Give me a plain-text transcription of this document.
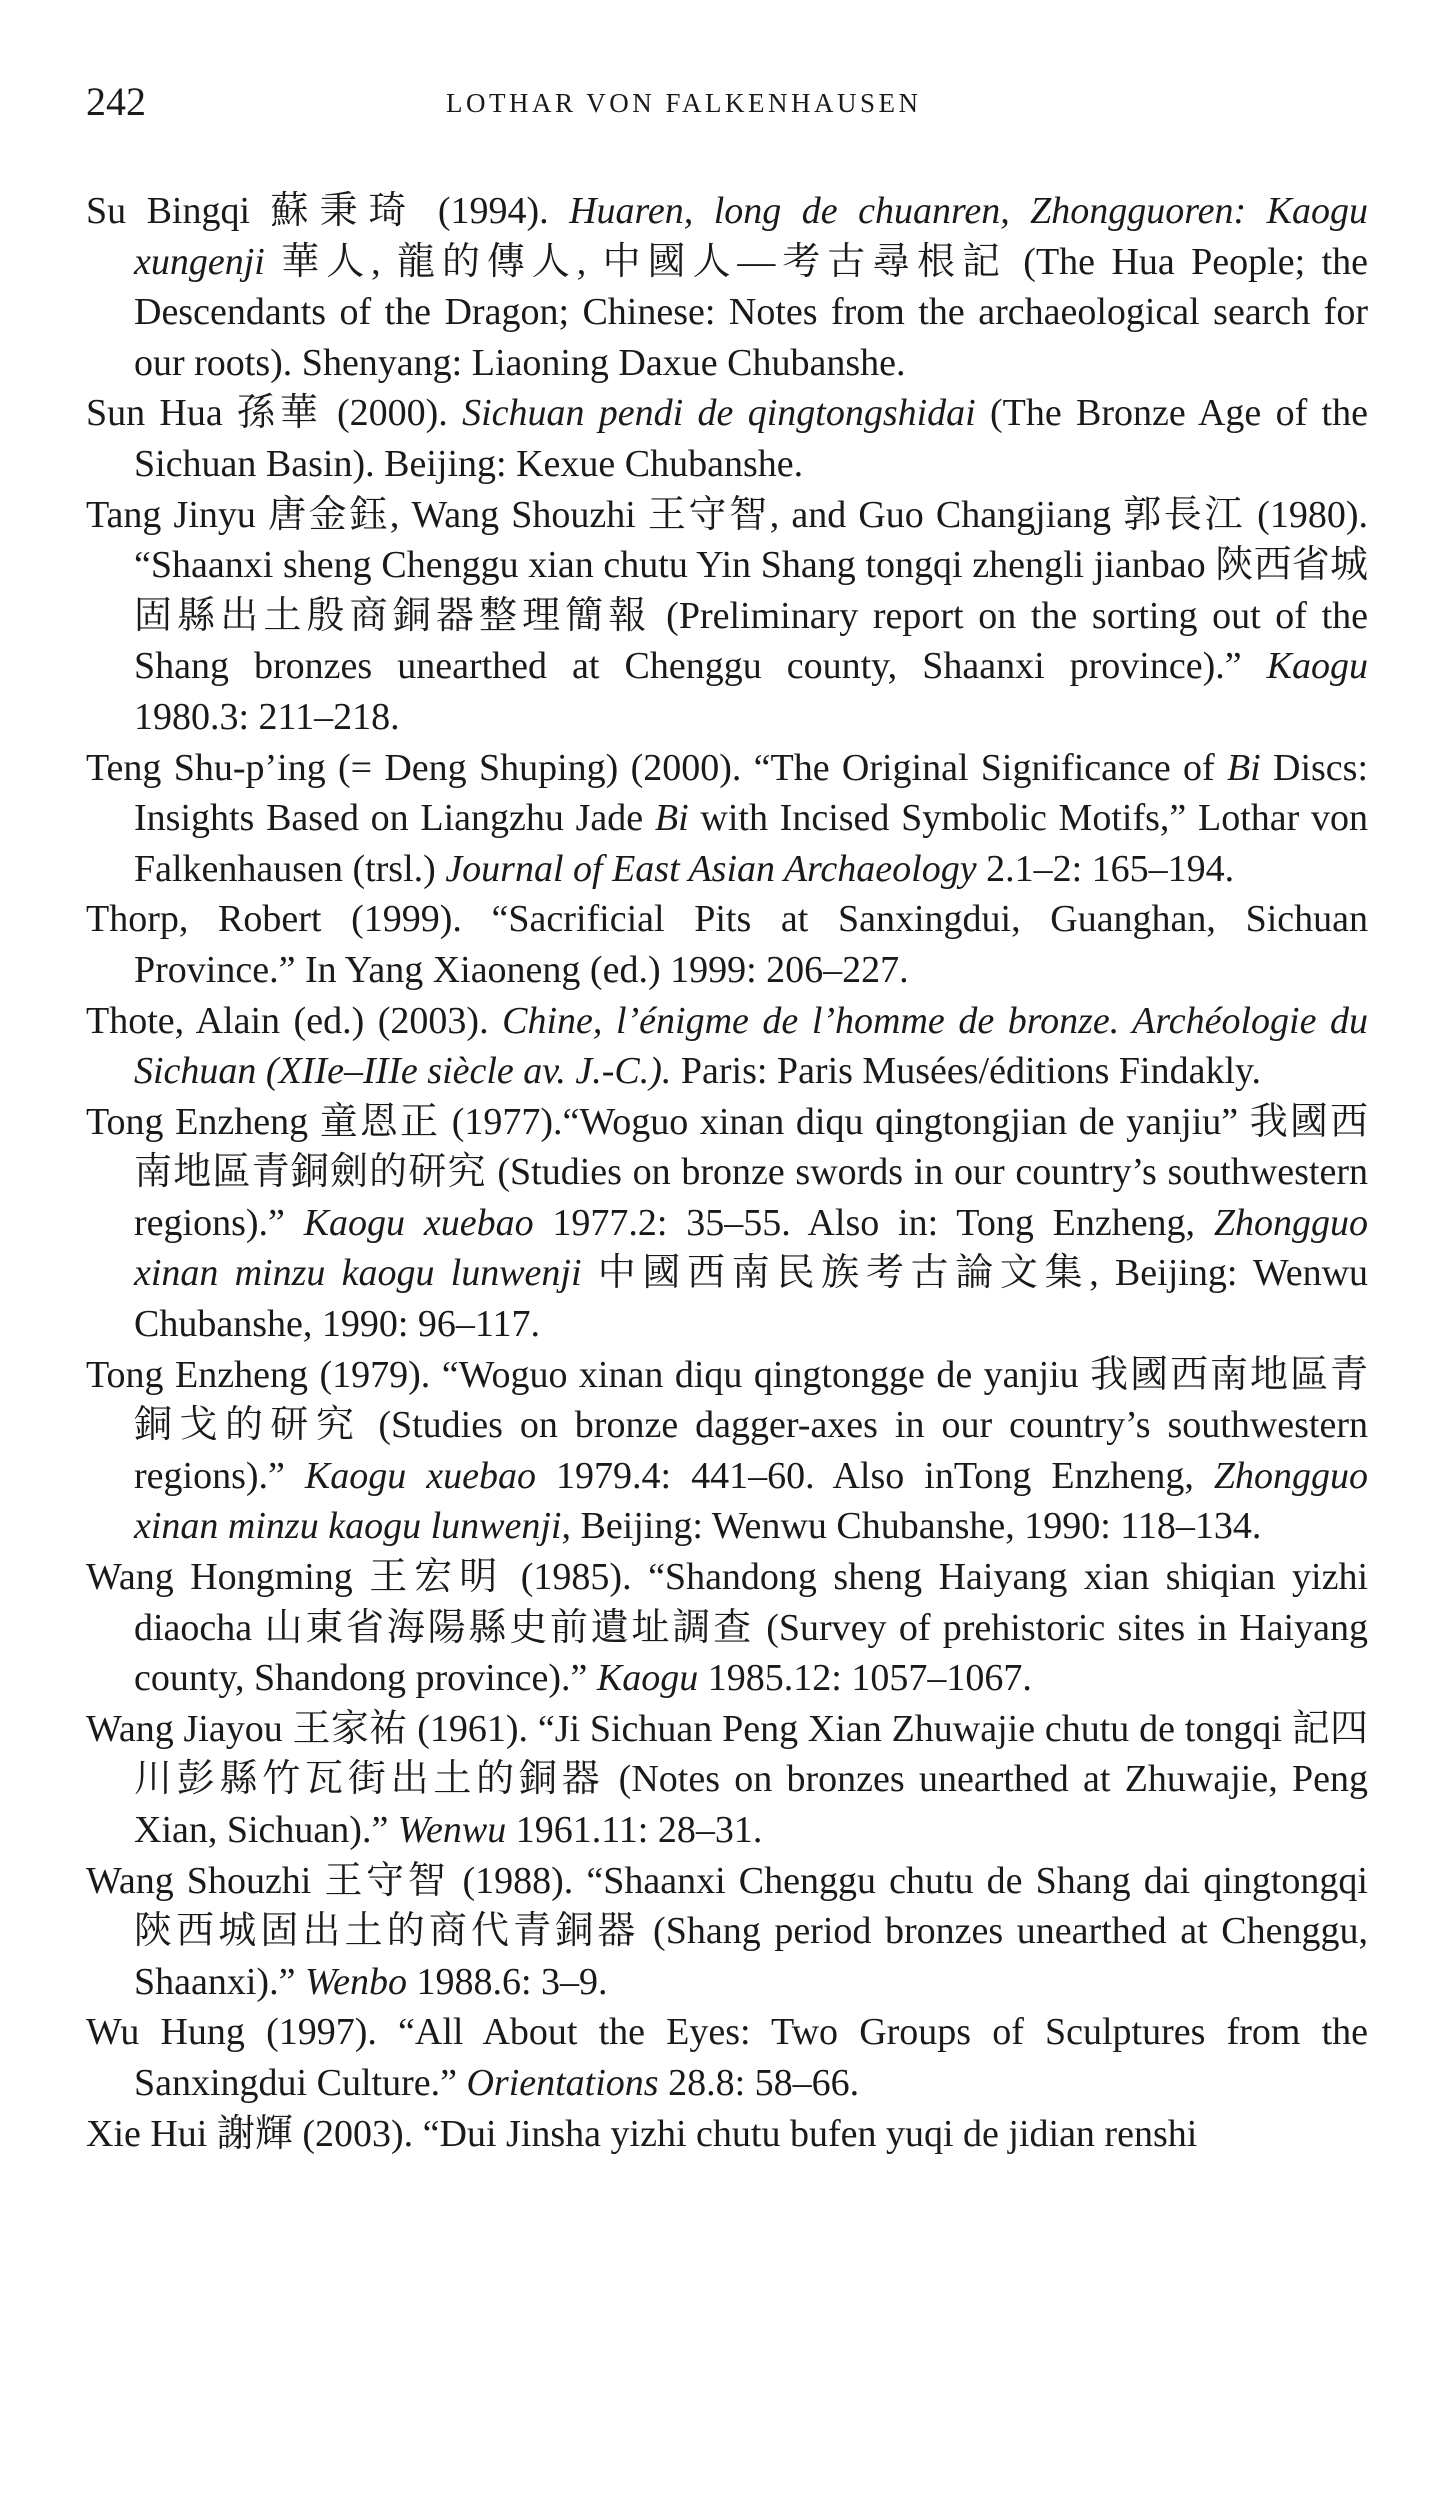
242	LOTHAR VON FALKENHAUSEN

Su Bingqi 蘇秉琦 (1994). Huaren, long de chuanren, Zhongguoren: Kaogu xungenji 華人, 龍的傳人, 中國人—考古尋根記 (The Hua People; the Descendants of the Dragon; Chinese: Notes from the archaeological search for our roots). Shenyang: Liaoning Daxue Chubanshe.

Sun Hua 孫華 (2000). Sichuan pendi de qingtongshidai (The Bronze Age of the Sichuan Basin). Beijing: Kexue Chubanshe.

Tang Jinyu 唐金鈺, Wang Shouzhi 王守智, and Guo Changjiang 郭長江 (1980). “Shaanxi sheng Chenggu xian chutu Yin Shang tongqi zhengli jianbao 陝西省城固縣出土殷商銅器整理簡報 (Preliminary report on the sorting out of the Shang bronzes unearthed at Chenggu county, Shaanxi province).” Kaogu 1980.3: 211–218.

Teng Shu-p’ing (= Deng Shuping) (2000). “The Original Significance of Bi Discs: Insights Based on Liangzhu Jade Bi with Incised Symbolic Motifs,” Lothar von Falkenhausen (trsl.) Journal of East Asian Archaeology 2.1–2: 165–194.

Thorp, Robert (1999). “Sacrificial Pits at Sanxingdui, Guanghan, Sichuan Province.” In Yang Xiaoneng (ed.) 1999: 206–227.

Thote, Alain (ed.) (2003). Chine, l’énigme de l’homme de bronze. Archéologie du Sichuan (XIIe–IIIe siècle av. J.-C.). Paris: Paris Musées/éditions Findakly.

Tong Enzheng 童恩正 (1977).“Woguo xinan diqu qingtongjian de yanjiu” 我國西南地區青銅劍的研究 (Studies on bronze swords in our country’s southwestern regions).” Kaogu xuebao 1977.2: 35–55. Also in: Tong Enzheng, Zhongguo xinan minzu kaogu lunwenji 中國西南民族考古論文集, Beijing: Wenwu Chubanshe, 1990: 96–117.

Tong Enzheng (1979). “Woguo xinan diqu qingtongge de yanjiu 我國西南地區青銅戈的研究 (Studies on bronze dagger-axes in our country’s southwestern regions).” Kaogu xuebao 1979.4: 441–60. Also inTong Enzheng, Zhongguo xinan minzu kaogu lunwenji, Beijing: Wenwu Chubanshe, 1990: 118–134.

Wang Hongming 王宏明 (1985). “Shandong sheng Haiyang xian shiqian yizhi diaocha 山東省海陽縣史前遺址調查 (Survey of prehistoric sites in Haiyang county, Shandong province).” Kaogu 1985.12: 1057–1067.

Wang Jiayou 王家祐 (1961). “Ji Sichuan Peng Xian Zhuwajie chutu de tongqi 記四川彭縣竹瓦街出土的銅器 (Notes on bronzes unearthed at Zhuwajie, Peng Xian, Sichuan).” Wenwu 1961.11: 28–31.

Wang Shouzhi 王守智 (1988). “Shaanxi Chenggu chutu de Shang dai qingtongqi 陝西城固出土的商代青銅器 (Shang period bronzes unearthed at Chenggu, Shaanxi).” Wenbo 1988.6: 3–9.

Wu Hung (1997). “All About the Eyes: Two Groups of Sculptures from the Sanxingdui Culture.” Orientations 28.8: 58–66.

Xie Hui 謝輝 (2003). “Dui Jinsha yizhi chutu bufen yuqi de jidian renshi
